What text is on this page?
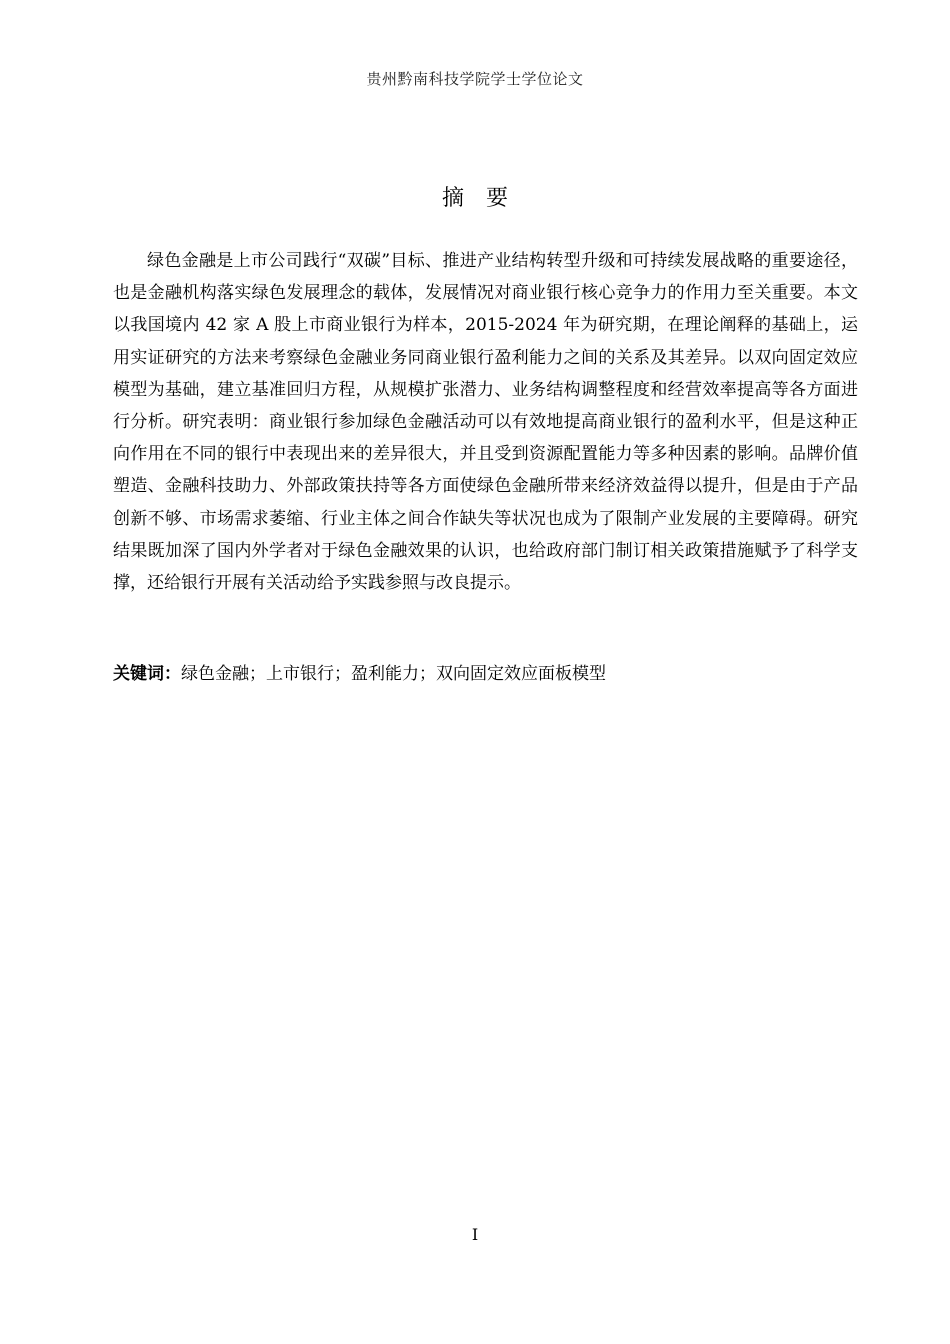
贵州黔南科技学院学士学位论文
摘要

绿色金融是上市公司践行“双碳”目标、推进产业结构转型升级和可持续发展战略的重要途径，也是金融机构落实绿色发展理念的载体，发展情况对商业银行核心竞争力的作用力至关重要。本文以我国境内 42 家 A 股上市商业银行为样本，2015-2024 年为研究期，在理论阐释的基础上，运用实证研究的方法来考察绿色金融业务同商业银行盈利能力之间的关系及其差异。以双向固定效应模型为基础，建立基准回归方程，从规模扩张潜力、业务结构调整程度和经营效率提高等各方面进行分析。研究表明：商业银行参加绿色金融活动可以有效地提高商业银行的盈利水平，但是这种正向作用在不同的银行中表现出来的差异很大，并且受到资源配置能力等多种因素的影响。品牌价值塑造、金融科技助力、外部政策扶持等各方面使绿色金融所带来经济效益得以提升，但是由于产品创新不够、市场需求萎缩、行业主体之间合作缺失等状况也成为了限制产业发展的主要障碍。研究结果既加深了国内外学者对于绿色金融效果的认识，也给政府部门制订相关政策措施赋予了科学支撑，还给银行开展有关活动给予实践参照与改良提示。

关键词：绿色金融；上市银行；盈利能力；双向固定效应面板模型
I
